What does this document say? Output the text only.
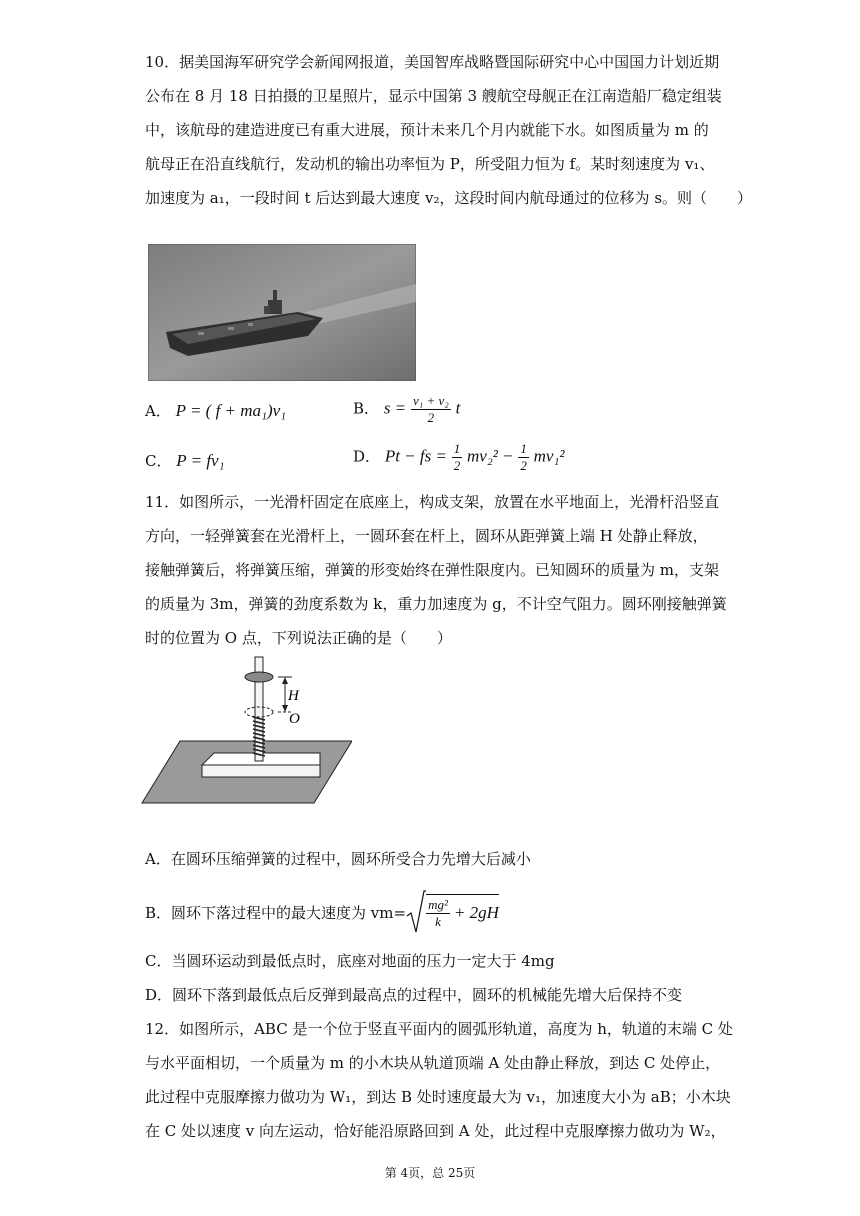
10．据美国海军研究学会新闻网报道，美国智库战略暨国际研究中心中国国力计划近期
公布在 8 月 18 日拍摄的卫星照片，显示中国第 3 艘航空母舰正在江南造船厂稳定组装
中，该航母的建造进度已有重大进展，预计未来几个月内就能下水。如图质量为 m 的
航母正在沿直线航行，发动机的输出功率恒为 P，所受阻力恒为 f。某时刻速度为 v₁、
加速度为 a₁，一段时间 t 后达到最大速度 v₂，这段时间内航母通过的位移为 s。则（　　）
A． P = ( f + ma₁)v₁	B． $s = \frac{\text{v₁ + v₂}}{2}$ t
C． P = fv₁	D． Pt − fs = $\frac{1}{2} mv_2^2 - \frac{1}{2} mv_1^2$
11．如图所示，一光滑杆固定在底座上，构成支架，放置在水平地面上，光滑杆沿竖直
方向，一轻弹簧套在光滑杆上，一圆环套在杆上，圆环从距弹簧上端 H 处静止释放，
接触弹簧后，将弹簧压缩，弹簧的形变始终在弹性限度内。已知圆环的质量为 m，支架
的质量为 3m，弹簧的劲度系数为 k，重力加速度为 g，不计空气阻力。圆环刚接触弹簧
时的位置为 O 点，下列说法正确的是（　　）
H
O
A．在圆环压缩弹簧的过程中，圆环所受合力先增大后减小
B．圆环下落过程中的最大速度为 $vm= \frac{\text{mg²}}{k} + 2gH$
C．当圆环运动到最低点时，底座对地面的压力一定大于 4mg
D．圆环下落到最低点后反弹到最高点的过程中，圆环的机械能先增大后保持不变
12．如图所示，ABC 是一个位于竖直平面内的圆弧形轨道，高度为 h，轨道的末端 C 处
与水平面相切，一个质量为 m 的小木块从轨道顶端 A 处由静止释放，到达 C 处停止，
此过程中克服摩擦力做功为 W₁，到达 B 处时速度最大为 v₁，加速度大小为 aB；小木块
在 C 处以速度 v 向左运动，恰好能沿原路回到 A 处，此过程中克服摩擦力做功为 W₂，
第 4页，总 25页
